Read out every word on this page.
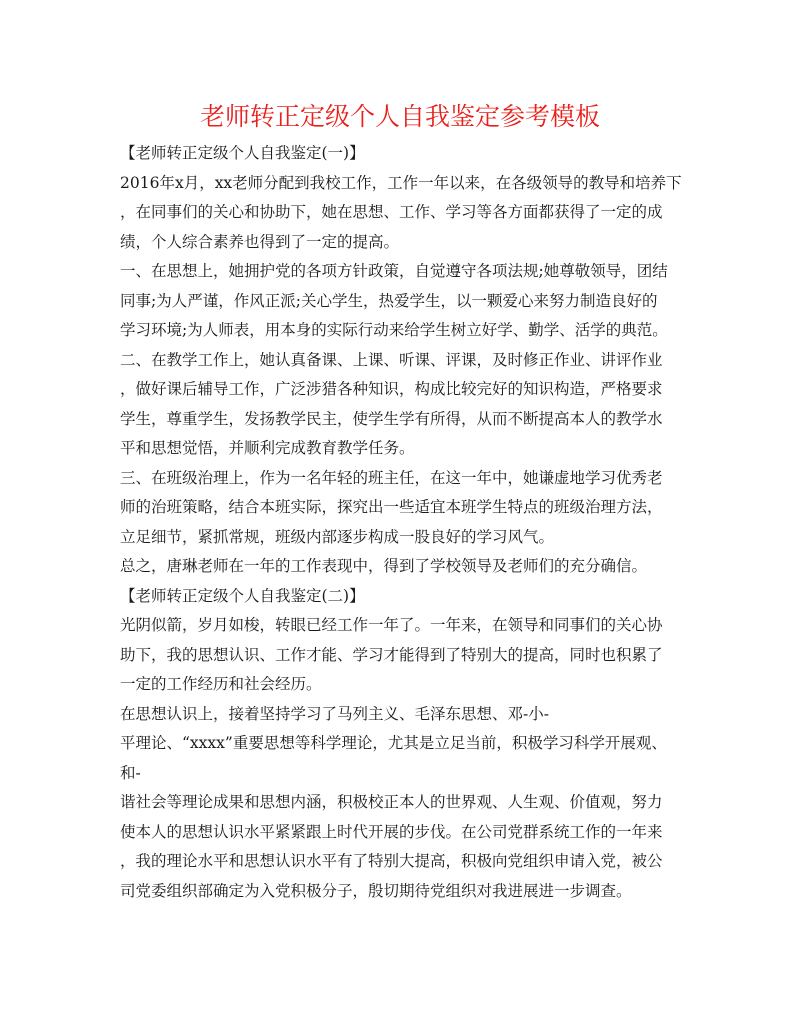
老师转正定级个人自我鉴定参考模板
【老师转正定级个人自我鉴定(一)】
2016年x月，xx老师分配到我校工作，工作一年以来，在各级领导的教导和培养下
，在同事们的关心和协助下，她在思想、工作、学习等各方面都获得了一定的成
绩，个人综合素养也得到了一定的提高。
一、在思想上，她拥护党的各项方针政策，自觉遵守各项法规;她尊敬领导，团结
同事;为人严谨，作风正派;关心学生，热爱学生，以一颗爱心来努力制造良好的
学习环境;为人师表，用本身的实际行动来给学生树立好学、勤学、活学的典范。
二、在教学工作上，她认真备课、上课、听课、评课，及时修正作业、讲评作业
，做好课后辅导工作，广泛涉猎各种知识，构成比较完好的知识构造，严格要求
学生，尊重学生，发扬教学民主，使学生学有所得，从而不断提高本人的教学水
平和思想觉悟，并顺利完成教育教学任务。
三、在班级治理上，作为一名年轻的班主任，在这一年中，她谦虚地学习优秀老
师的治班策略，结合本班实际，探究出一些适宜本班学生特点的班级治理方法，
立足细节，紧抓常规，班级内部逐步构成一股良好的学习风气。
总之，唐琳老师在一年的工作表现中，得到了学校领导及老师们的充分确信。
【老师转正定级个人自我鉴定(二)】
光阴似箭，岁月如梭，转眼已经工作一年了。一年来，在领导和同事们的关心协
助下，我的思想认识、工作才能、学习才能得到了特别大的提高，同时也积累了
一定的工作经历和社会经历。
在思想认识上，接着坚持学习了马列主义、毛泽东思想、邓-小-
平理论、“xxxx”重要思想等科学理论，尤其是立足当前，积极学习科学开展观、
和-
谐社会等理论成果和思想内涵，积极校正本人的世界观、人生观、价值观，努力
使本人的思想认识水平紧紧跟上时代开展的步伐。在公司党群系统工作的一年来
，我的理论水平和思想认识水平有了特别大提高，积极向党组织申请入党，被公
司党委组织部确定为入党积极分子，殷切期待党组织对我进展进一步调查。
